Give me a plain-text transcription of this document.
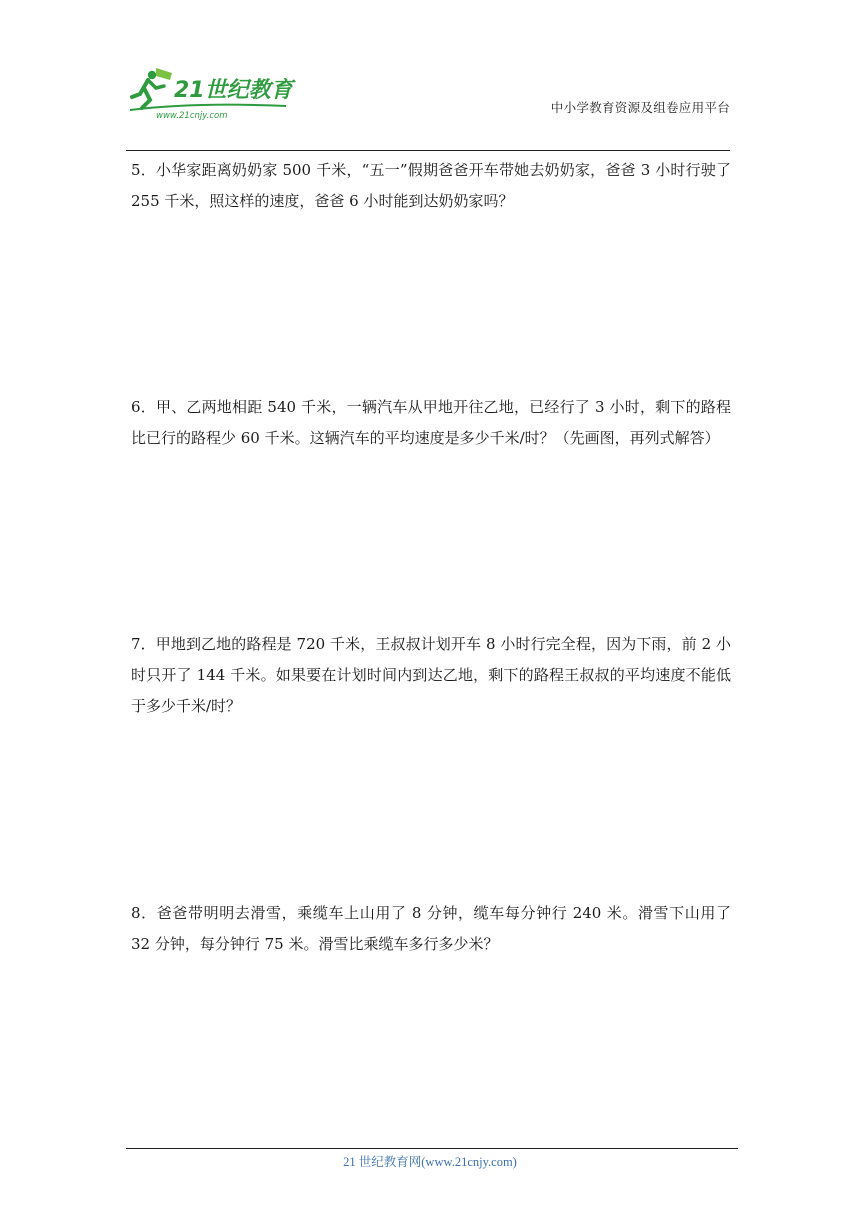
21世纪教育
www.21cnjy.com
中小学教育资源及组卷应用平台
5．小华家距离奶奶家 500 千米，“五一”假期爸爸开车带她去奶奶家，爸爸 3 小时行驶了 255 千米，照这样的速度，爸爸 6 小时能到达奶奶家吗？
6．甲、乙两地相距 540 千米，一辆汽车从甲地开往乙地，已经行了 3 小时，剩下的路程比已行的路程少 60 千米。这辆汽车的平均速度是多少千米/时？（先画图，再列式解答）
7．甲地到乙地的路程是 720 千米，王叔叔计划开车 8 小时行完全程，因为下雨，前 2 小时只开了 144 千米。如果要在计划时间内到达乙地，剩下的路程王叔叔的平均速度不能低于多少千米/时？
8．爸爸带明明去滑雪，乘缆车上山用了 8 分钟，缆车每分钟行 240 米。滑雪下山用了 32 分钟，每分钟行 75 米。滑雪比乘缆车多行多少米？
21 世纪教育网(www.21cnjy.com)
